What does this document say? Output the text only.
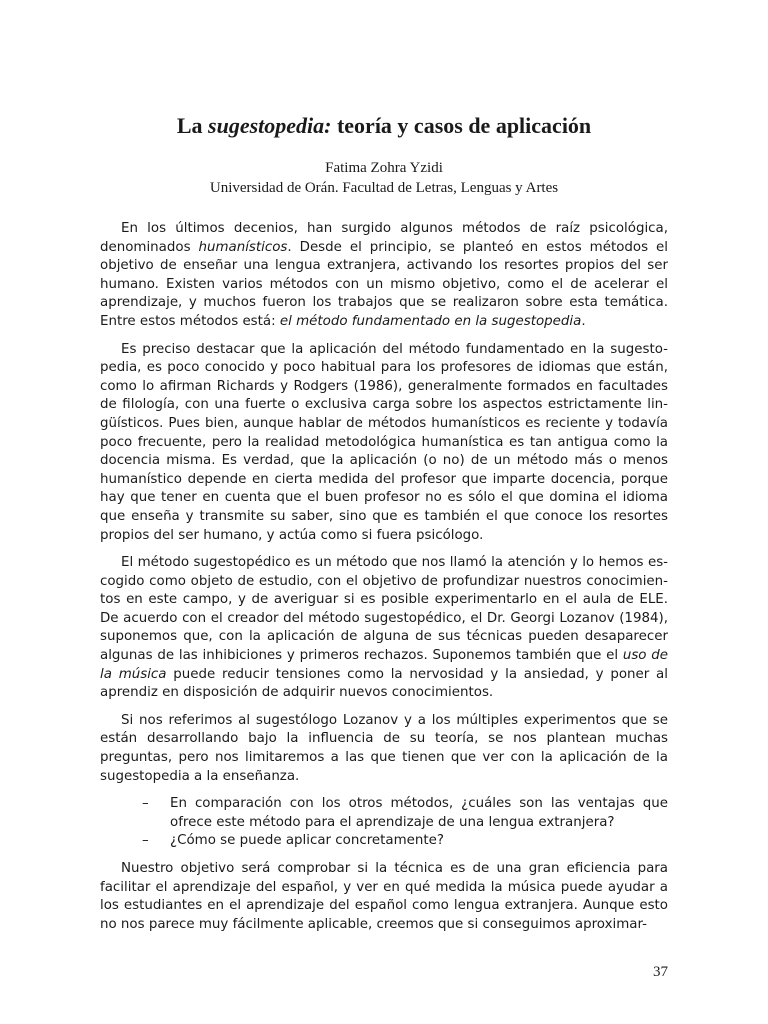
La sugestopedia: teoría y casos de aplicación
Fatima Zohra Yzidi
Universidad de Orán. Facultad de Letras, Lenguas y Artes

En los últimos decenios, han surgido algunos métodos de raíz psicológica, denominados humanísticos. Desde el principio, se planteó en estos métodos el objetivo de enseñar una lengua extranjera, activando los resortes propios del ser humano. Existen varios métodos con un mismo objetivo, como el de acelerar el aprendizaje, y muchos fueron los trabajos que se realizaron sobre esta temática. Entre estos métodos está: el método fundamentado en la sugestopedia.

Es preciso destacar que la aplicación del método fundamentado en la sugesto-pedia, es poco conocido y poco habitual para los profesores de idiomas que están, como lo afirman Richards y Rodgers (1986), generalmente formados en facultades de filología, con una fuerte o exclusiva carga sobre los aspectos estrictamente lin-güísticos. Pues bien, aunque hablar de métodos humanísticos es reciente y todavía poco frecuente, pero la realidad metodológica humanística es tan antigua como la docencia misma. Es verdad, que la aplicación (o no) de un método más o menos humanístico depende en cierta medida del profesor que imparte docencia, porque hay que tener en cuenta que el buen profesor no es sólo el que domina el idioma que enseña y transmite su saber, sino que es también el que conoce los resortes propios del ser humano, y actúa como si fuera psicólogo.

El método sugestopédico es un método que nos llamó la atención y lo hemos es-cogido como objeto de estudio, con el objetivo de profundizar nuestros conocimien-tos en este campo, y de averiguar si es posible experimentarlo en el aula de ELE. De acuerdo con el creador del método sugestopédico, el Dr. Georgi Lozanov (1984), suponemos que, con la aplicación de alguna de sus técnicas pueden desaparecer algunas de las inhibiciones y primeros rechazos. Suponemos también que el uso de la música puede reducir tensiones como la nervosidad y la ansiedad, y poner al aprendiz en disposición de adquirir nuevos conocimientos.

Si nos referimos al sugestólogo Lozanov y a los múltiples experimentos que se están desarrollando bajo la influencia de su teoría, se nos plantean muchas preguntas, pero nos limitaremos a las que tienen que ver con la aplicación de la sugestopedia a la enseñanza.

– En comparación con los otros métodos, ¿cuáles son las ventajas que ofrece este método para el aprendizaje de una lengua extranjera?
– ¿Cómo se puede aplicar concretamente?

Nuestro objetivo será comprobar si la técnica es de una gran eficiencia para facilitar el aprendizaje del español, y ver en qué medida la música puede ayudar a los estudiantes en el aprendizaje del español como lengua extranjera. Aunque esto no nos parece muy fácilmente aplicable, creemos que si conseguimos aproximar-

37
